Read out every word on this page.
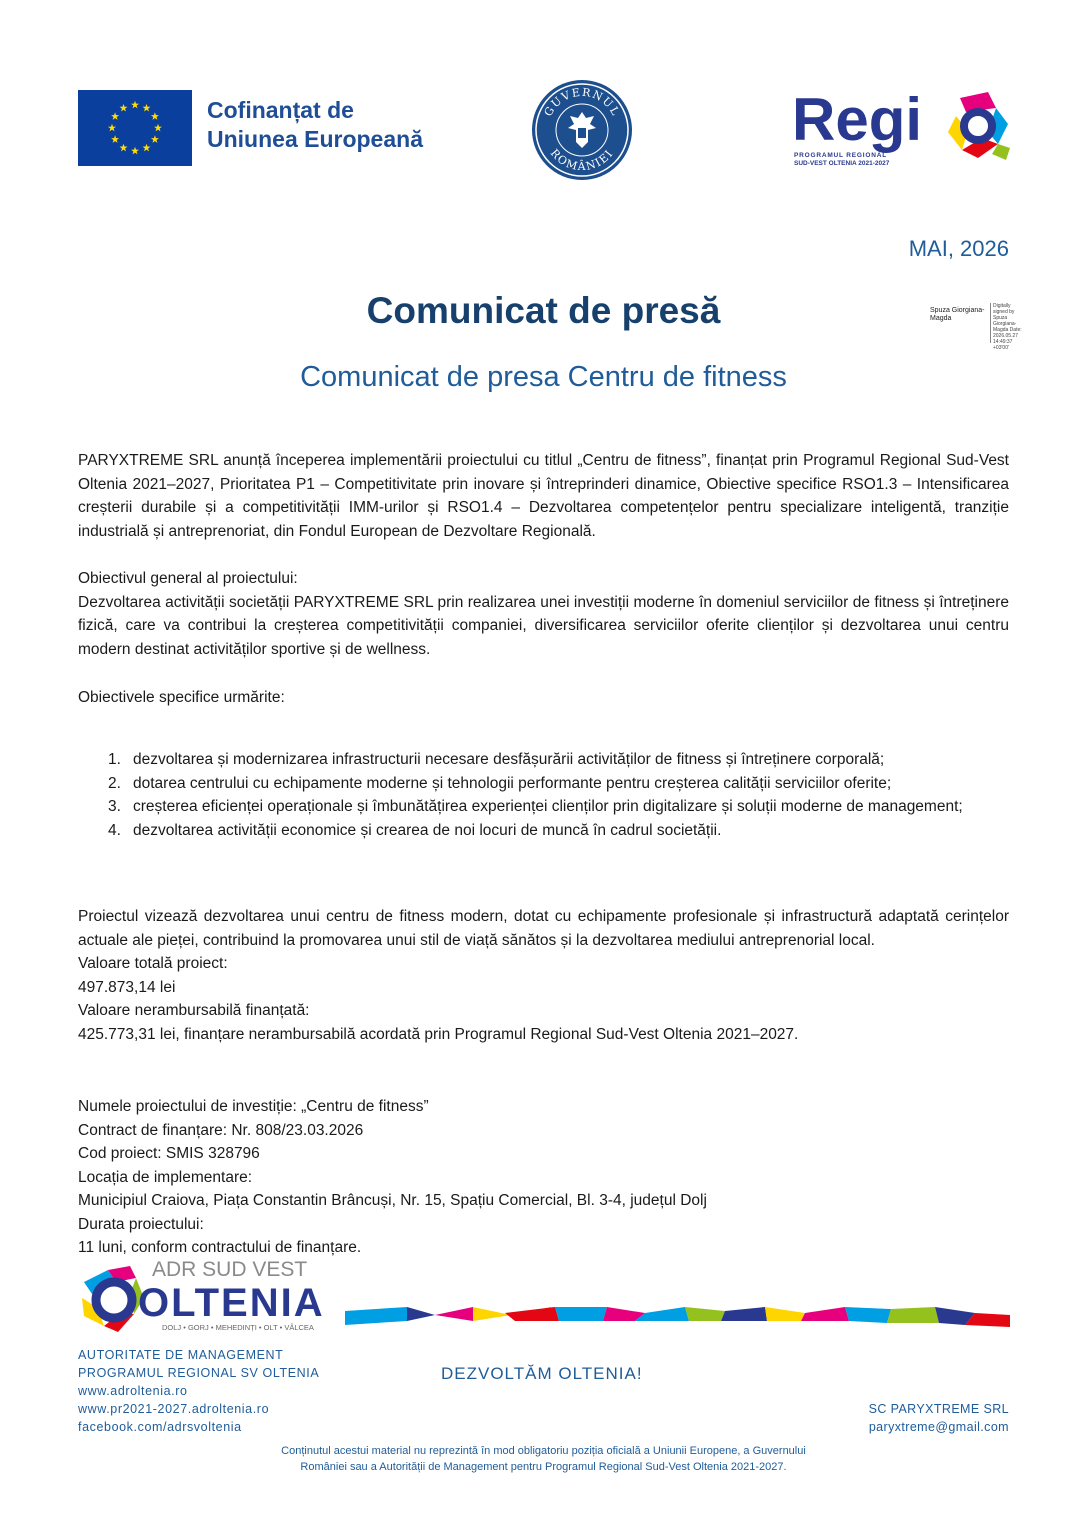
Cofinanțat de
Uniunea Europeană
GUVERNUL
ROMÂNIEI
Regi
PROGRAMUL REGIONAL
SUD-VEST OLTENIA 2021-2027
MAI, 2026
Comunicat de presă
Comunicat de presa Centru de fitness
Spuza Giorgiana-Magda
Digitally signed by Spuza Giorgiana-Magda Date: 2026.05.27 14:49:37 +03'00'
PARYXTREME SRL anunță începerea implementării proiectului cu titlul „Centru de fitness”, finanțat prin Programul Regional Sud-Vest Oltenia 2021–2027, Prioritatea P1 – Competitivitate prin inovare și întreprinderi dinamice, Obiective specifice RSO1.3 – Intensificarea creșterii durabile și a competitivității IMM-urilor și RSO1.4 – Dezvoltarea competențelor pentru specializare inteligentă, tranziție industrială și antreprenoriat, din Fondul European de Dezvoltare Regională.
Obiectivul general al proiectului:
Dezvoltarea activității societății PARYXTREME SRL prin realizarea unei investiții moderne în domeniul serviciilor de fitness și întreținere fizică, care va contribui la creșterea competitivității companiei, diversificarea serviciilor oferite clienților și dezvoltarea unui centru modern destinat activităților sportive și de wellness.
Obiectivele specifice urmărite:
1. dezvoltarea și modernizarea infrastructurii necesare desfășurării activităților de fitness și întreținere corporală;
2. dotarea centrului cu echipamente moderne și tehnologii performante pentru creșterea calității serviciilor oferite;
3. creșterea eficienței operaționale și îmbunătățirea experienței clienților prin digitalizare și soluții moderne de management;
4. dezvoltarea activității economice și crearea de noi locuri de muncă în cadrul societății.
Proiectul vizează dezvoltarea unui centru de fitness modern, dotat cu echipamente profesionale și infrastructură adaptată cerințelor actuale ale pieței, contribuind la promovarea unui stil de viață sănătos și la dezvoltarea mediului antreprenorial local.
Valoare totală proiect:
497.873,14 lei
Valoare nerambursabilă finanțată:
425.773,31 lei, finanțare nerambursabilă acordată prin Programul Regional Sud-Vest Oltenia 2021–2027.
Numele proiectului de investiție: „Centru de fitness”
Contract de finanțare: Nr. 808/23.03.2026
Cod proiect: SMIS 328796
Locația de implementare:
Municipiul Craiova, Piața Constantin Brâncuși, Nr. 15, Spațiu Comercial, Bl. 3-4, județul Dolj
Durata proiectului:
11 luni, conform contractului de finanțare.
ADR SUD VEST
OLTENIA
DOLJ • GORJ • MEHEDINȚI • OLT • VÂLCEA
AUTORITATE DE MANAGEMENT
PROGRAMUL REGIONAL SV OLTENIA
www.adroltenia.ro
www.pr2021-2027.adroltenia.ro
facebook.com/adrsvoltenia
DEZVOLTĂM OLTENIA!
SC PARYXTREME SRL
paryxtreme@gmail.com
Conținutul acestui material nu reprezintă în mod obligatoriu poziția oficială a Uniunii Europene, a Guvernului
României sau a Autorității de Management pentru Programul Regional Sud-Vest Oltenia 2021-2027.
